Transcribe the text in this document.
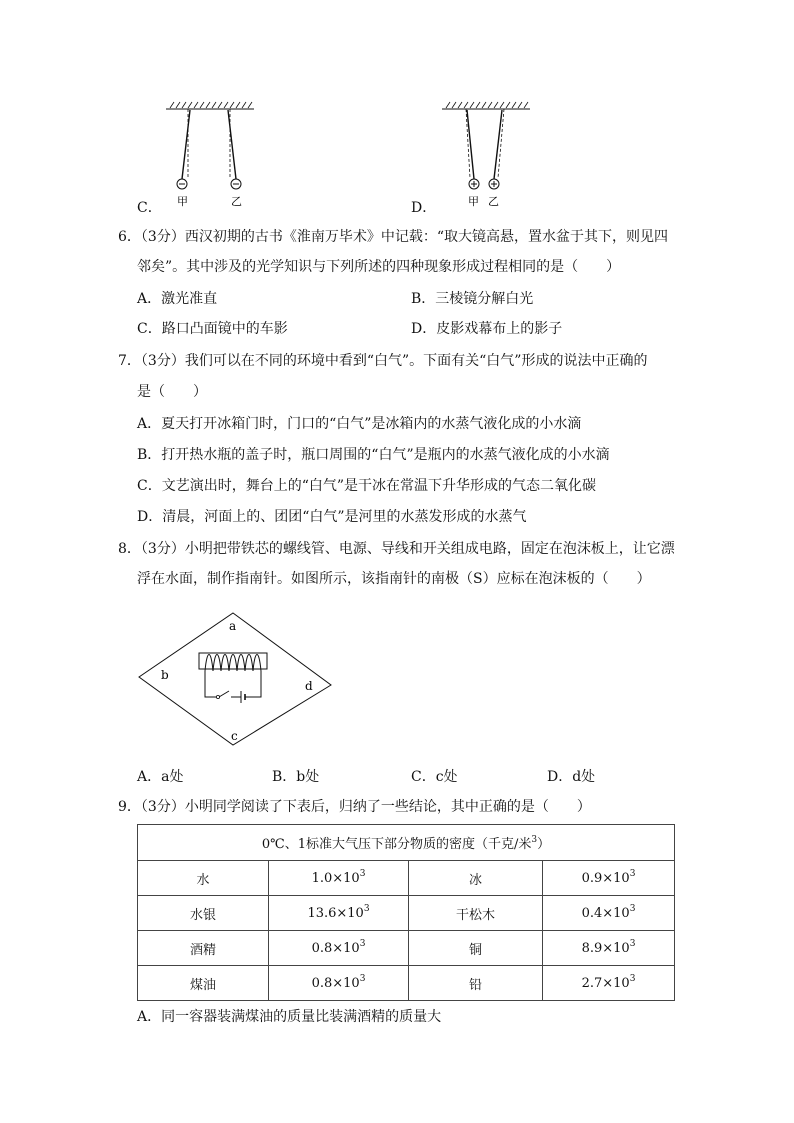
甲	乙
C．	甲 乙
D．
6．（3分）西汉初期的古书《淮南万毕术》中记载：“取大镜高悬，置水盆于其下，则见四
邻矣”。其中涉及的光学知识与下列所述的四种现象形成过程相同的是（　　）
A．激光准直	B．三棱镜分解白光
C．路口凸面镜中的车影	D．皮影戏幕布上的影子
7．（3分）我们可以在不同的环境中看到“白气”。下面有关“白气”形成的说法中正确的
是（　　）
A．夏天打开冰箱门时，门口的“白气”是冰箱内的水蒸气液化成的小水滴
B．打开热水瓶的盖子时，瓶口周围的“白气”是瓶内的水蒸气液化成的小水滴
C．文艺演出时，舞台上的“白气”是干冰在常温下升华形成的气态二氧化碳
D．清晨，河面上的、团团“白气”是河里的水蒸发形成的水蒸气
8．（3分）小明把带铁芯的螺线管、电源、导线和开关组成电路，固定在泡沫板上，让它漂
浮在水面，制作指南针。如图所示，该指南针的南极（S）应标在泡沫板的（　　）
a
b
c
d
A．a处	B．b处	C．c处	D．d处
9．（3分）小明同学阅读了下表后，归纳了一些结论，其中正确的是（　　）
0℃、1标准大气压下部分物质的密度（千克/米$^3$）			
水	$1.0\times 10^3$	冰	$0.9\times 10^3$
水银	$13.6\times 10^3$	干松木	$0.4\times 10^3$
酒精	$0.8\times 10^3$	铜	$8.9\times 10^3$
煤油	$0.8\times 10^3$	铅	$2.7\times 10^3$
A．同一容器装满煤油的质量比装满酒精的质量大
